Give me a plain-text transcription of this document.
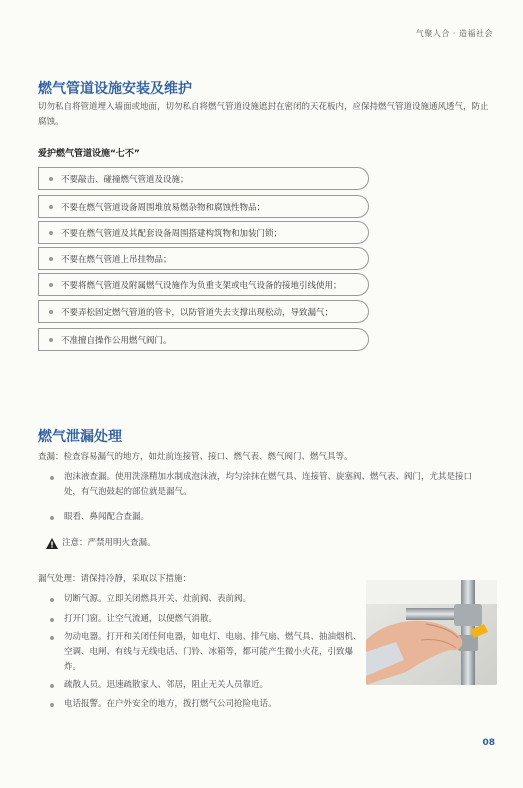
气聚人合 · 造福社会
燃气管道设施安装及维护
切勿私自将管道埋入墙面或地面，切勿私自将燃气管道设施遮封在密闭的天花板内，应保持燃气管道设施通风透气，防止腐蚀。
爱护燃气管道设施“七不”
不要敲击、碰撞燃气管道及设施；
不要在燃气管道设备周围堆放易燃杂物和腐蚀性物品；
不要在燃气管道及其配套设备周围搭建构筑物和加装门锁；
不要在燃气管道上吊挂物品；
不要将燃气管道及附属燃气设施作为负重支架或电气设备的接地引线使用；
不要弄松固定燃气管道的管卡，以防管道失去支撑出现松动，导致漏气；
不准擅自操作公用燃气阀门。
燃气泄漏处理
查漏：检查容易漏气的地方，如灶前连接管、接口、燃气表、燃气阀门、燃气具等。
泡沫液查漏。使用洗涤精加水制成泡沫液，均匀涂抹在燃气具、连接管、旋塞阀、燃气表、阀门，尤其是接口处，有气泡鼓起的部位就是漏气。
眼看、鼻闻配合查漏。
注意：严禁用明火查漏。
漏气处理：请保持冷静，采取以下措施：
切断气源。立即关闭燃具开关、灶前阀、表前阀。
打开门窗。让空气流通，以便燃气消散。
勿动电器。打开和关闭任何电器，如电灯、电扇、排气扇、燃气具、抽油烟机、空调、电闸、有线与无线电话、门铃、冰箱等，都可能产生微小火花，引致爆炸。
疏散人员。迅速疏散家人、邻居，阻止无关人员靠近。
电话报警。在户外安全的地方，拨打燃气公司抢险电话。
08
